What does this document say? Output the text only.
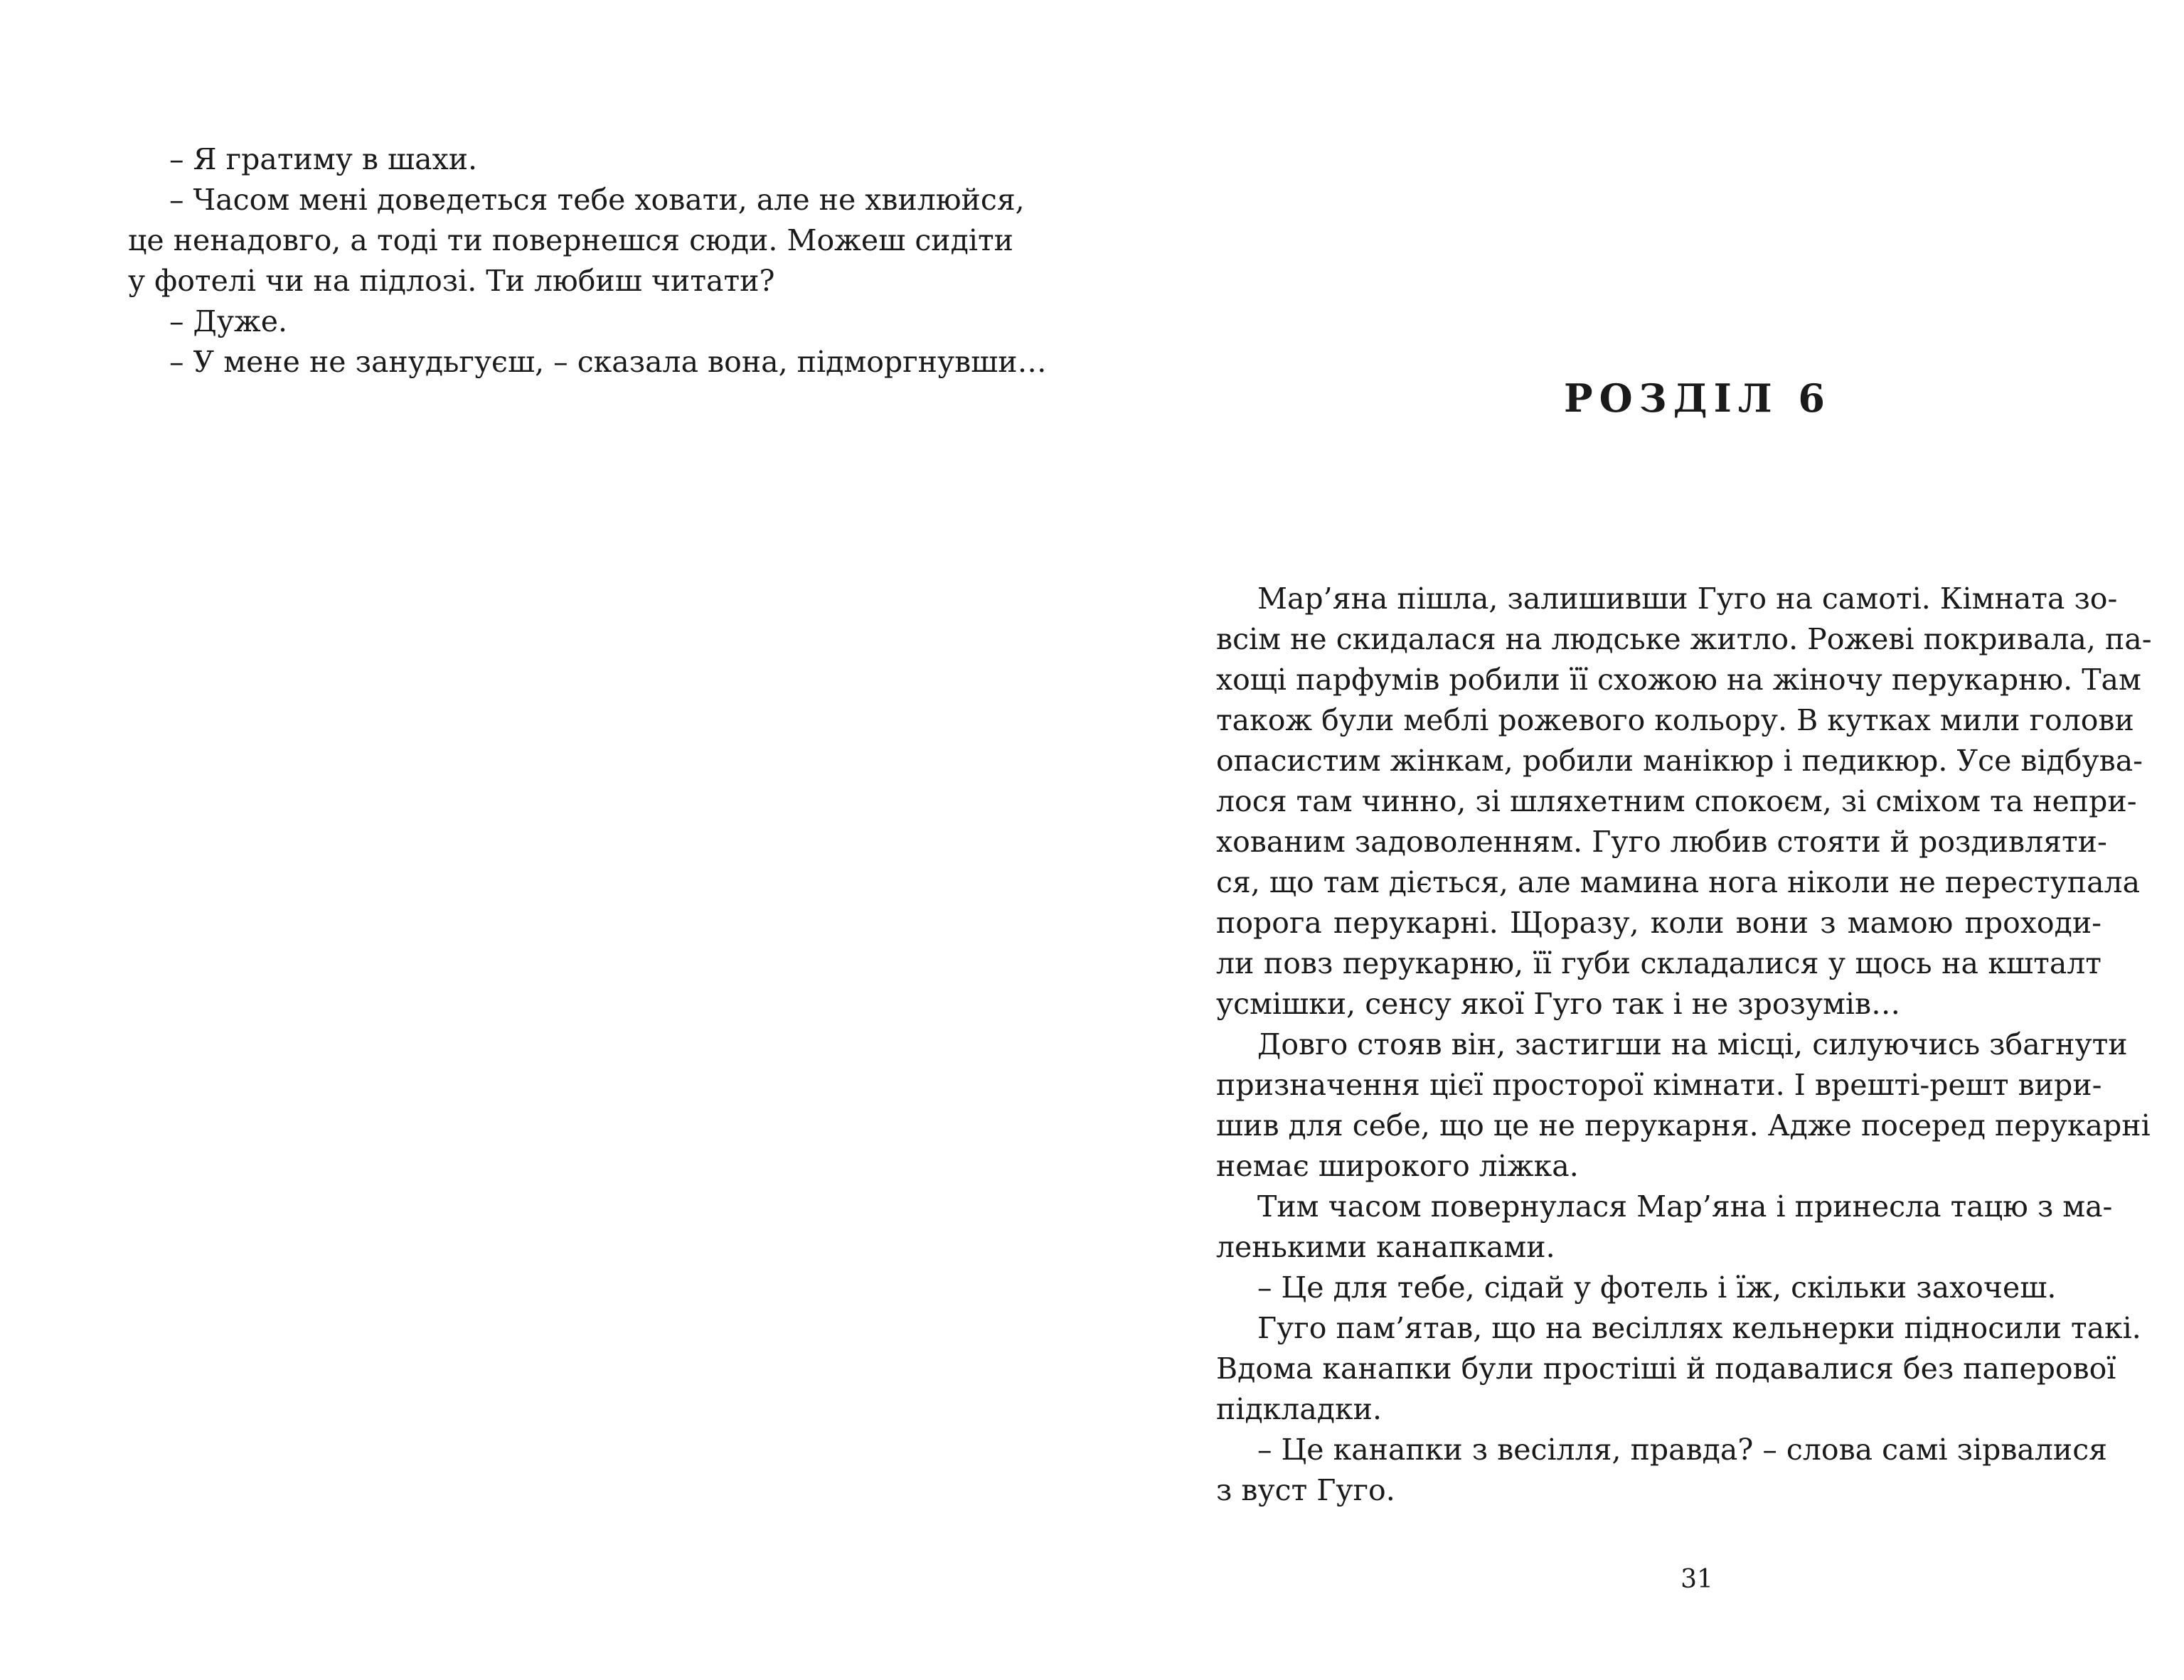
– Я гратиму в шахи.
– Часом мені доведеться тебе ховати, але не хвилюйся,
це ненадовго, а тоді ти повернешся сюди. Можеш сидіти
у фотелі чи на підлозі. Ти любиш читати?
– Дуже.
– У мене не занудьгуєш, – сказала вона, підморгнувши…
РОЗДІЛ 6
Мар’яна пішла, залишивши Гуго на самоті. Кімната зо-
всім не скидалася на людське житло. Рожеві покривала, па-
хощі парфумів робили її схожою на жіночу перукарню. Там
також були меблі рожевого кольору. В кутках мили голови
опасистим жінкам, робили манікюр і педикюр. Усе відбува-
лося там чинно, зі шляхетним спокоєм, зі сміхом та непри-
хованим задоволенням. Гуго любив стояти й роздивляти-
ся, що там діється, але мамина нога ніколи не переступала
порога перукарні. Щоразу, коли вони з мамою проходи-
ли повз перукарню, її губи складалися у щось на кшталт
усмішки, сенсу якої Гуго так і не зрозумів…
Довго стояв він, застигши на місці, силуючись збагнути
призначення цієї просторої кімнати. І врешті-решт вири-
шив для себе, що це не перукарня. Адже посеред перукарні
немає широкого ліжка.
Тим часом повернулася Мар’яна і принесла тацю з ма-
ленькими канапками.
– Це для тебе, сідай у фотель і їж, скільки захочеш.
Гуго пам’ятав, що на весіллях кельнерки підносили такі.
Вдома канапки були простіші й подавалися без паперової
підкладки.
– Це канапки з весілля, правда? – слова самі зірвалися
з вуст Гуго.
31
